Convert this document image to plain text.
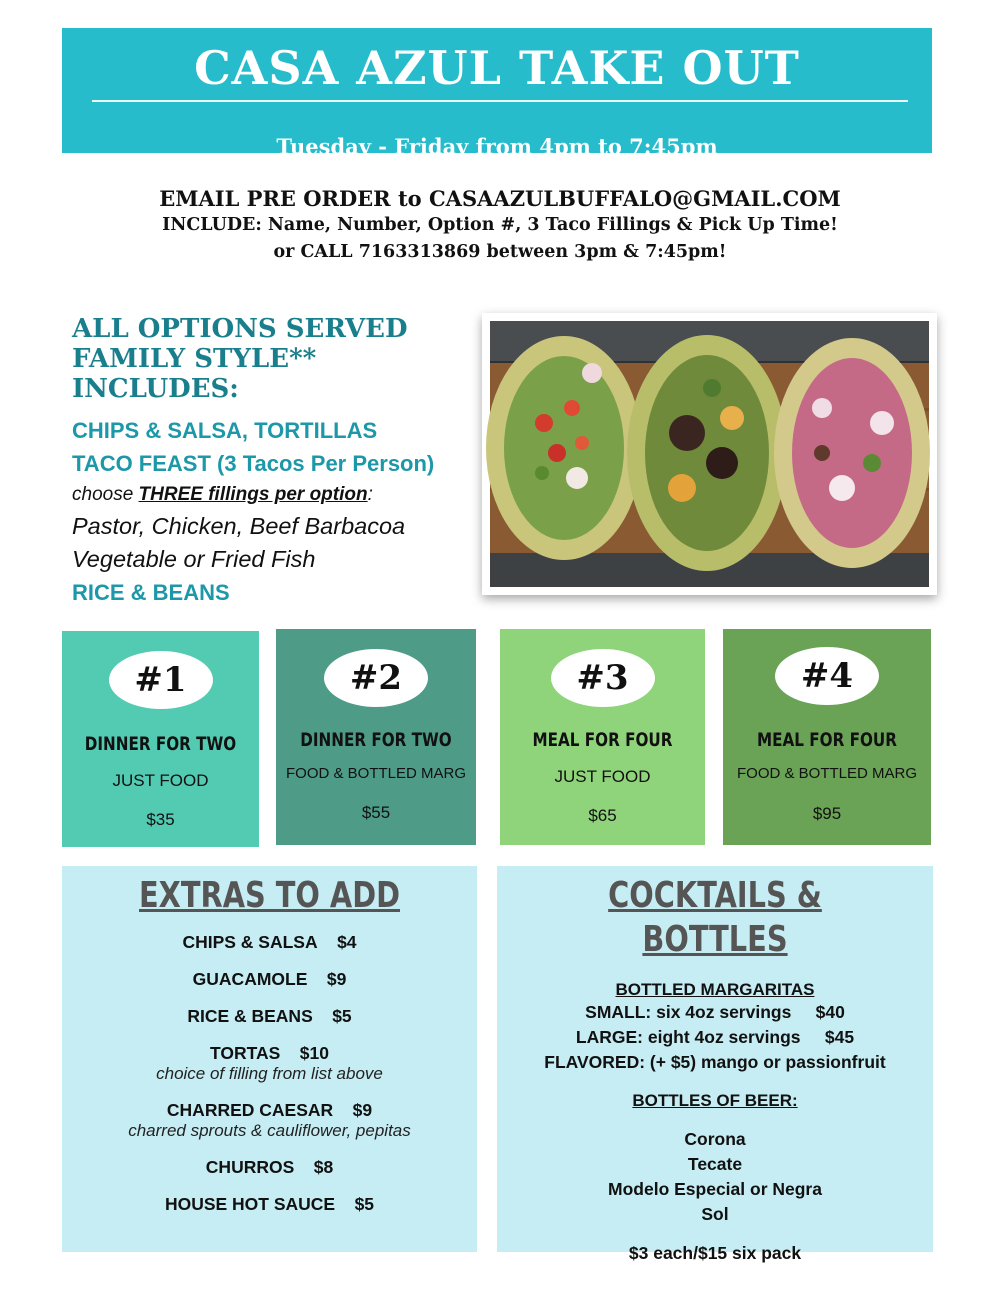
CASA AZUL TAKE OUT
Tuesday - Friday from 4pm to 7:45pm
EMAIL PRE ORDER to CASAAZULBUFFALO@GMAIL.COM
INCLUDE: Name, Number, Option #, 3 Taco Fillings & Pick Up Time!
or CALL 7163313869 between 3pm & 7:45pm!
ALL OPTIONS SERVED
FAMILY STYLE**
INCLUDES:
CHIPS & SALSA, TORTILLAS
TACO FEAST (3 Tacos Per Person)
choose THREE fillings per option:
Pastor, Chicken, Beef Barbacoa
Vegetable or Fried Fish
RICE & BEANS
#1
DINNER FOR TWO
JUST FOOD
$35
#2
DINNER FOR TWO
FOOD & BOTTLED MARG
$55
#3
MEAL FOR FOUR
JUST FOOD
$65
#4
MEAL FOR FOUR
FOOD & BOTTLED MARG
$95
EXTRAS TO ADD
CHIPS & SALSA $4
GUACAMOLE $9
RICE & BEANS $5
TORTAS $10
choice of filling from list above
CHARRED CAESAR $9
charred sprouts & cauliflower, pepitas
CHURROS $8
HOUSE HOT SAUCE $5
COCKTAILS & BOTTLES
BOTTLED MARGARITAS
SMALL: six 4oz servings $40
LARGE: eight 4oz servings $45
FLAVORED: (+ $5) mango or passionfruit
BOTTLES OF BEER:
Corona
Tecate
Modelo Especial or Negra
Sol
$3 each/$15 six pack
